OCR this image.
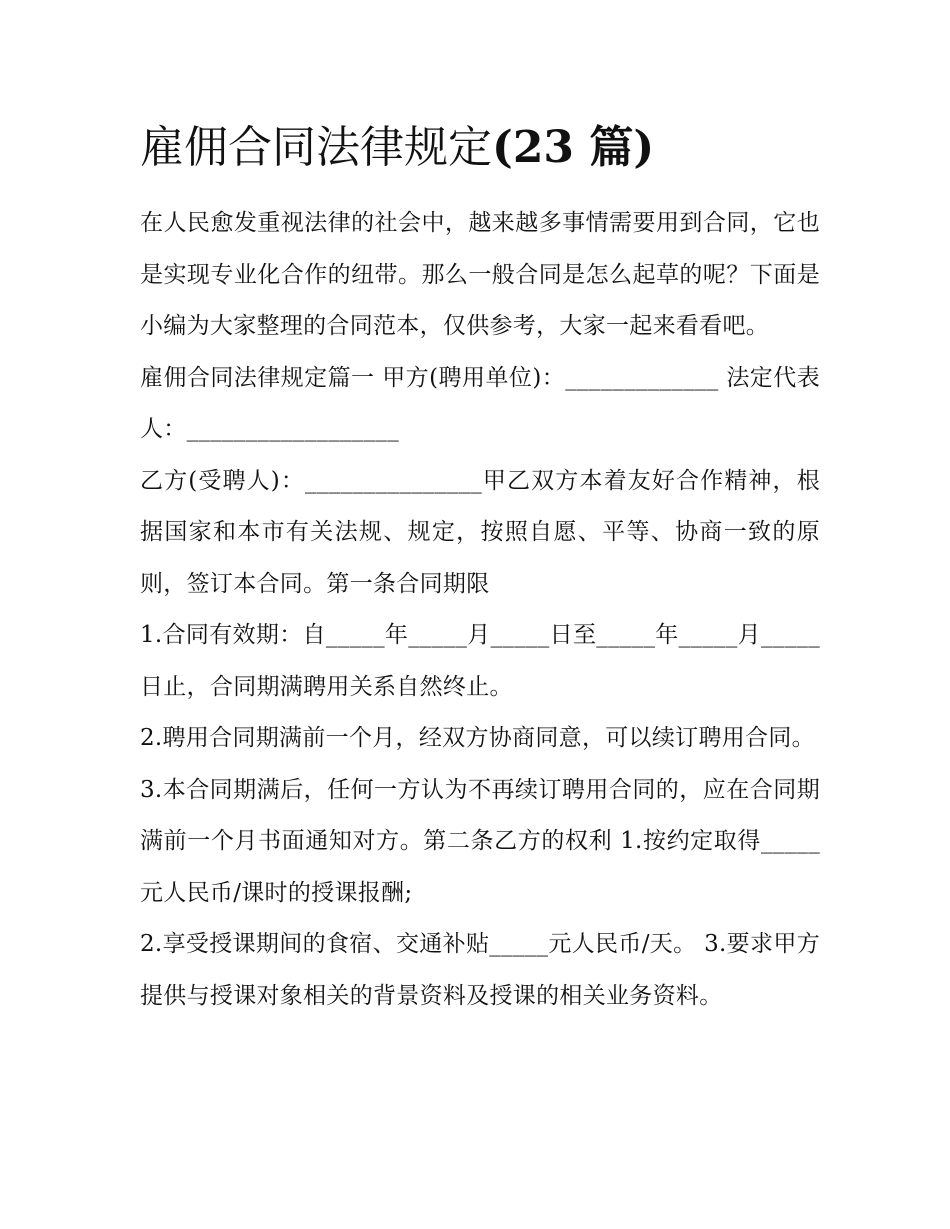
雇佣合同法律规定(23 篇)

在人民愈发重视法律的社会中，越来越多事情需要用到合同，它也是实现专业化合作的纽带。那么一般合同是怎么起草的呢？下面是小编为大家整理的合同范本，仅供参考，大家一起来看看吧。

雇佣合同法律规定篇一 甲方(聘用单位)：_____________ 法定代表人：__________________

乙方(受聘人)：_______________甲乙双方本着友好合作精神，根据国家和本市有关法规、规定，按照自愿、平等、协商一致的原则，签订本合同。第一条合同期限

1.合同有效期：自_____年_____月_____日至_____年_____月_____日止，合同期满聘用关系自然终止。

2.聘用合同期满前一个月，经双方协商同意，可以续订聘用合同。

3.本合同期满后，任何一方认为不再续订聘用合同的，应在合同期满前一个月书面通知对方。第二条乙方的权利 1.按约定取得_____元人民币/课时的授课报酬;

2.享受授课期间的食宿、交通补贴_____元人民币/天。 3.要求甲方提供与授课对象相关的背景资料及授课的相关业务资料。
